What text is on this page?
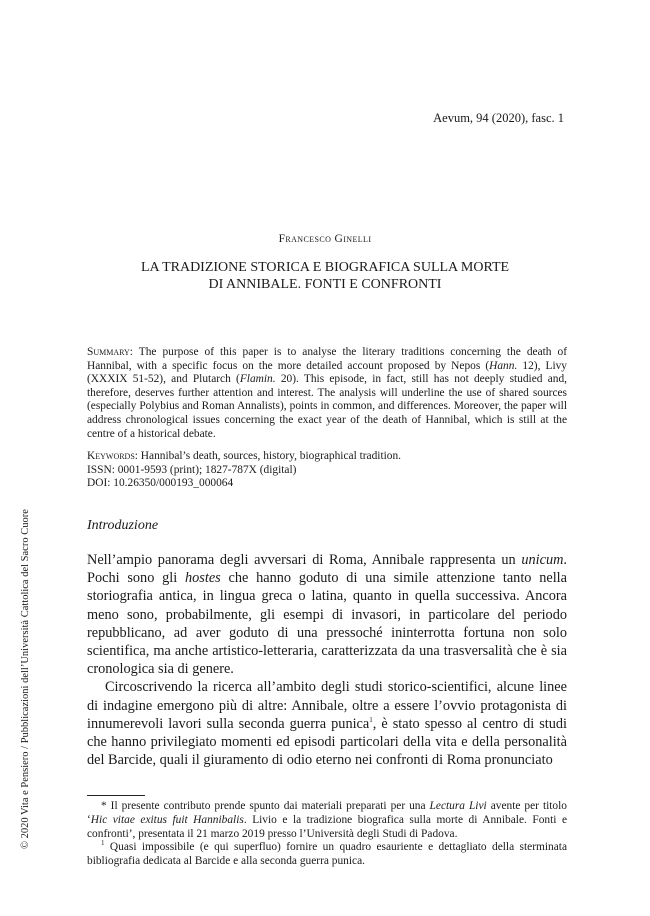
Aevum, 94 (2020), fasc. 1
Francesco Ginelli
LA TRADIZIONE STORICA E BIOGRAFICA SULLA MORTE
DI ANNIBALE. FONTI E CONFRONTI
Summary: The purpose of this paper is to analyse the literary traditions concerning the death of Hannibal, with a specific focus on the more detailed account proposed by Nepos (Hann. 12), Livy (XXXIX 51-52), and Plutarch (Flamin. 20). This episode, in fact, still has not deeply studied and, therefore, deserves further attention and interest. The analysis will underline the use of shared sources (especially Polybius and Roman Annalists), points in common, and differences. Moreover, the paper will address chronological issues concerning the exact year of the death of Hannibal, which is still at the centre of a historical debate.
Keywords: Hannibal’s death, sources, history, biographical tradition.
ISSN: 0001-9593 (print); 1827-787X (digital)
DOI: 10.26350/000193_000064
Introduzione

Nell’ampio panorama degli avversari di Roma, Annibale rappresenta un unicum. Pochi sono gli hostes che hanno goduto di una simile attenzione tanto nella storiografia antica, in lingua greca o latina, quanto in quella successiva. Ancora meno sono, probabilmente, gli esempi di invasori, in particolare del periodo repubblicano, ad aver goduto di una pressoché ininterrotta fortuna non solo scientifica, ma anche artistico-letteraria, caratterizzata da una trasversalità che è sia cronologica sia di genere.

Circoscrivendo la ricerca all’ambito degli studi storico-scientifici, alcune linee di indagine emergono più di altre: Annibale, oltre a essere l’ovvio protagonista di innumerevoli lavori sulla seconda guerra punica$^1$, è stato spesso al centro di studi che hanno privilegiato momenti ed episodi particolari della vita e della personalità del Barcide, quali il giuramento di odio eterno nei confronti di Roma pronunciato

* Il presente contributo prende spunto dai materiali preparati per una Lectura Livi avente per titolo ‘Hic vitae exitus fuit Hannibalis. Livio e la tradizione biografica sulla morte di Annibale. Fonti e confronti’, presentata il 21 marzo 2019 presso l’Università degli Studi di Padova.

$^1$ Quasi impossibile (e qui superfluo) fornire un quadro esauriente e dettagliato della sterminata bibliografia dedicata al Barcide e alla seconda guerra punica.

© 2020 Vita e Pensiero / Pubblicazioni dell’Università Cattolica del Sacro Cuore
